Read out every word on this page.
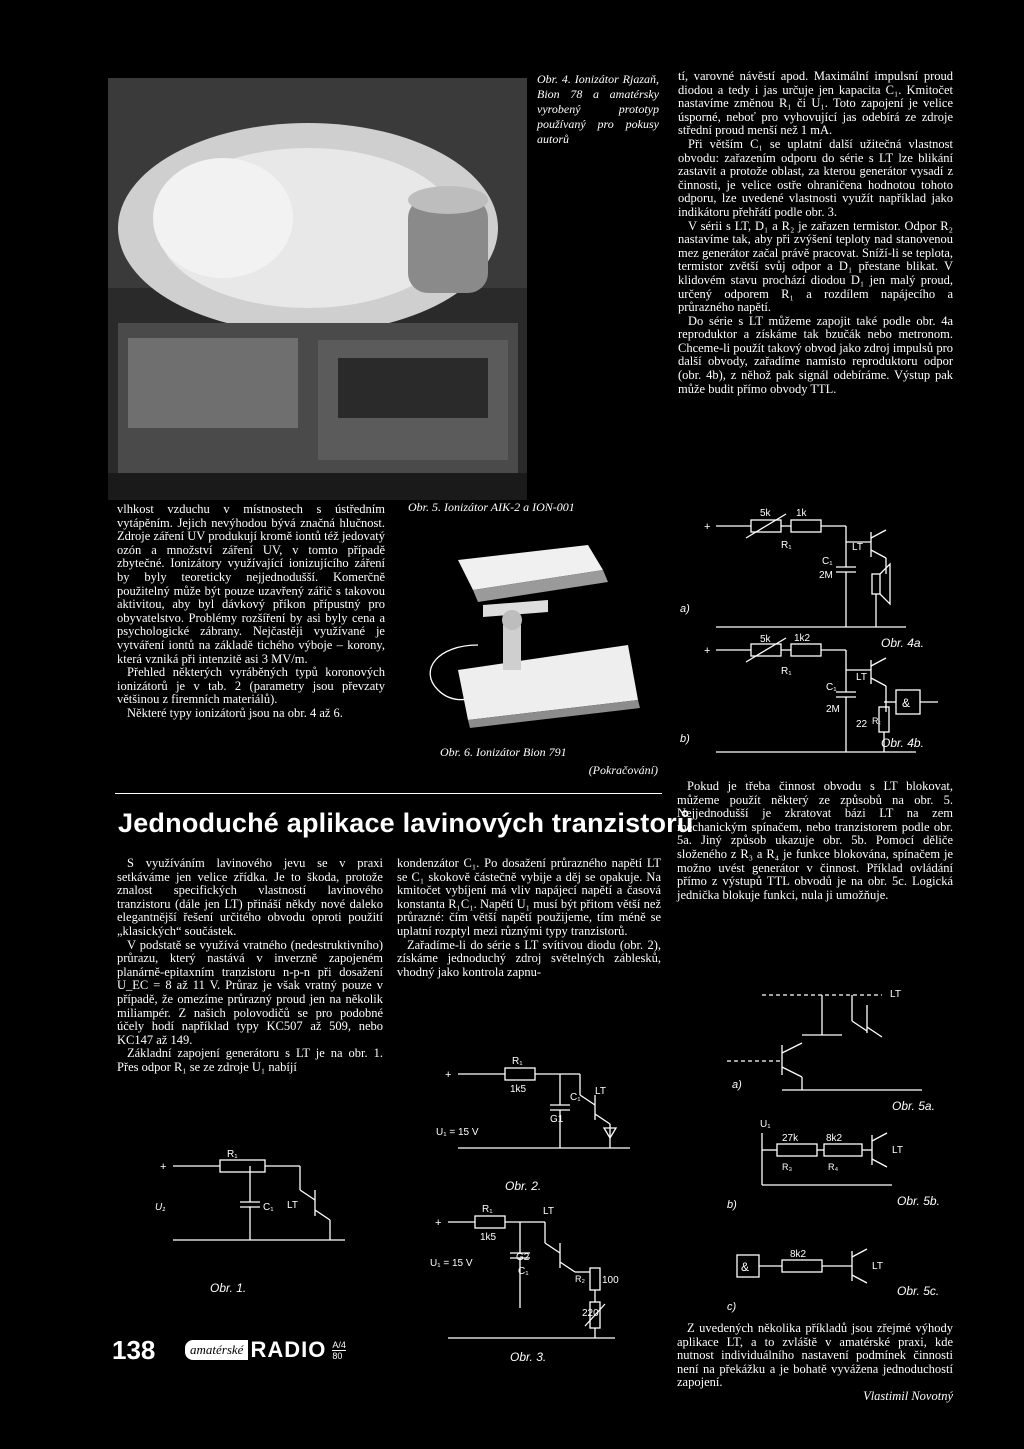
Obr. 4. Ionizátor Rjazaň, Bion 78 a amatérsky vyrobený prototyp používaný pro pokusy autorů

tí, varovné návěstí apod. Maximální impulsní proud diodou a tedy i jas určuje jen kapacita C₁. Kmitočet nastavíme změnou R₁ či U₁. Toto zapojení je velice úsporné, neboť pro vyhovující jas odebírá ze zdroje střední proud menší než 1 mA.

Při větším C₁ se uplatní další užitečná vlastnost obvodu: zařazením odporu do série s LT lze blikání zastavit a protože oblast, za kterou generátor vysadí z činnosti, je velice ostře ohraničena hodnotou tohoto odporu, lze uvedené vlastnosti využít například jako indikátoru přehřátí podle obr. 3.

V sérii s LT, D₁ a R₂ je zařazen termistor. Odpor R₂ nastavíme tak, aby při zvýšení teploty nad stanovenou mez generátor začal právě pracovat. Sníží-li se teplota, termistor zvětší svůj odpor a D₁ přestane blikat. V klidovém stavu prochází diodou D₁ jen malý proud, určený odporem R₁ a rozdílem napájecího a průrazného napětí.

Do série s LT můžeme zapojit také podle obr. 4a reproduktor a získáme tak bzučák nebo metronom. Chceme-li použít takový obvod jako zdroj impulsů pro další obvody, zařadíme namísto reproduktoru odpor (obr. 4b), z něhož pak signál odebíráme. Výstup pak může budit přímo obvody TTL.

vlhkost vzduchu v místnostech s ústředním vytápěním. Jejich nevýhodou bývá značná hlučnost. Zdroje záření UV produkují kromě iontů též jedovatý ozón a množství záření UV, v tomto případě zbytečné. Ionizátory využívající ionizujícího záření by byly teoreticky nejjednodušší. Komerčně použitelný může být pouze uzavřený zářič s takovou aktivitou, aby byl dávkový příkon přípustný pro obyvatelstvo. Problémy rozšíření by asi byly cena a psychologické zábrany. Nejčastěji využívané je vytváření iontů na základě tichého výboje – korony, která vzniká při intenzitě asi 3 MV/m.

Přehled některých vyráběných typů koronových ionizátorů je v tab. 2 (parametry jsou převzaty většinou z firemních materiálů).

Některé typy ionizátorů jsou na obr. 4 až 6.

Obr. 5. Ionizátor AIK-2 a ION-001
Obr. 6. Ionizátor Bion 791
(Pokračování)
+
5k	1k
R₁
C₁
2M
LT
a)
Obr. 4a.
+
5k 1k2
R₁
C₁
2M
LT
22 Rₜ
&
b)	Obr. 4b.
Jednoduché aplikace lavinových tranzistorů

S využíváním lavinového jevu se v praxi setkáváme jen velice zřídka. Je to škoda, protože znalost specifických vlastností lavinového tranzistoru (dále jen LT) přináší někdy nové daleko elegantnější řešení určitého obvodu oproti použití „klasických“ součástek.

V podstatě se využívá vratného (nedestruktivního) průrazu, který nastává v inverzně zapojeném planárně-epitaxním tranzistoru n-p-n při dosažení U_EC = 8 až 11 V. Průraz je však vratný pouze v případě, že omezíme průrazný proud jen na několik miliampér. Z našich polovodičů se pro podobné účely hodí například typy KC507 až 509, nebo KC147 až 149.

Základní zapojení generátoru s LT je na obr. 1. Přes odpor R₁ se ze zdroje U₁ nabíjí

+
R₁
C₁ LT
U₁
Obr. 1.

kondenzátor C₁. Po dosažení průrazného napětí LT se C₁ skokově částečně vybije a děj se opakuje. Na kmitočet vybíjení má vliv napájecí napětí a časová konstanta R₁C₁. Napětí U₁ musí být přitom větší než průrazné: čím větší napětí použijeme, tím méně se uplatní rozptyl mezi různými typy tranzistorů.

Zařadíme-li do série s LT svítivou diodu (obr. 2), získáme jednoduchý zdroj světelných záblesků, vhodný jako kontrola zapnu-

+
R₁
1k5
C₁
G1
LT
U₁ = 15 V
Obr. 2.
+
R₁
1k5
G2
C₁
LT
R₂ 100
220
U₁ = 15 V
Obr. 3.

Pokud je třeba činnost obvodu s LT blokovat, můžeme použít některý ze způsobů na obr. 5. Nejjednodušší je zkratovat bázi LT na zem mechanickým spínačem, nebo tranzistorem podle obr. 5a. Jiný způsob ukazuje obr. 5b. Pomocí děliče složeného z R₃ a R₄ je funkce blokována, spínačem je možno uvést generátor v činnost. Příklad ovládání přímo z výstupů TTL obvodů je na obr. 5c. Logická jednička blokuje funkci, nula ji umožňuje.

LT
a)
Obr. 5a.
U₁
27k
R₃
8k2
R₄
LT
b)	Obr. 5b.
&
8k2
LT
c)
Obr. 5c.

Z uvedených několika příkladů jsou zřejmé výhody aplikace LT, a to zvláště v amatérské praxi, kde nutnost individuálního nastavení podmínek činnosti není na překážku a je bohatě vyvážena jednoduchostí zapojení.

Vlastimil Novotný
138	amatérské RADIO A/4
80
